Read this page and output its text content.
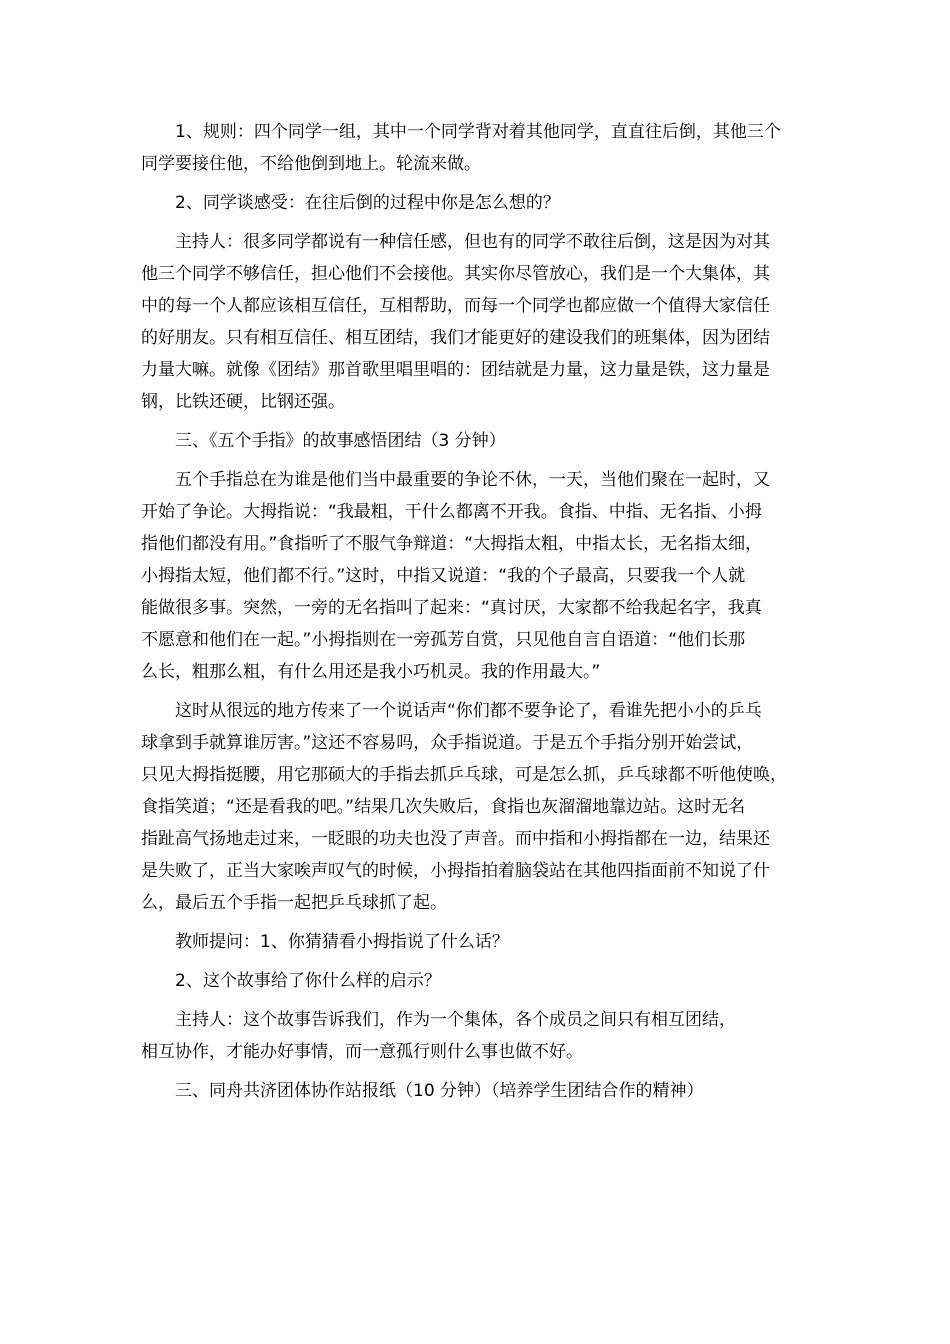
1、规则：四个同学一组，其中一个同学背对着其他同学，直直往后倒，其他三个
同学要接住他，不给他倒到地上。轮流来做。
2、同学谈感受：在往后倒的过程中你是怎么想的？
主持人：很多同学都说有一种信任感，但也有的同学不敢往后倒，这是因为对其
他三个同学不够信任，担心他们不会接他。其实你尽管放心，我们是一个大集体，其
中的每一个人都应该相互信任，互相帮助，而每一个同学也都应做一个值得大家信任
的好朋友。只有相互信任、相互团结，我们才能更好的建设我们的班集体，因为团结
力量大嘛。就像《团结》那首歌里唱里唱的：团结就是力量，这力量是铁，这力量是
钢，比铁还硬，比钢还强。
三、《五个手指》的故事感悟团结（3 分钟）
五个手指总在为谁是他们当中最重要的争论不休，一天，当他们聚在一起时，又
开始了争论。大拇指说：“我最粗，干什么都离不开我。食指、中指、无名指、小拇
指他们都没有用。”食指听了不服气争辩道：“大拇指太粗，中指太长，无名指太细，
小拇指太短，他们都不行。”这时，中指又说道：“我的个子最高，只要我一个人就
能做很多事。突然，一旁的无名指叫了起来：“真讨厌，大家都不给我起名字，我真
不愿意和他们在一起。”小拇指则在一旁孤芳自赏，只见他自言自语道：“他们长那
么长，粗那么粗，有什么用还是我小巧机灵。我的作用最大。”
这时从很远的地方传来了一个说话声“你们都不要争论了，看谁先把小小的乒乓
球拿到手就算谁厉害。”这还不容易吗，众手指说道。于是五个手指分别开始尝试，
只见大拇指挺腰，用它那硕大的手指去抓乒乓球，可是怎么抓，乒乓球都不听他使唤，
食指笑道；“还是看我的吧。”结果几次失败后，食指也灰溜溜地靠边站。这时无名
指趾高气扬地走过来，一眨眼的功夫也没了声音。而中指和小拇指都在一边，结果还
是失败了，正当大家唉声叹气的时候，小拇指拍着脑袋站在其他四指面前不知说了什
么，最后五个手指一起把乒乓球抓了起。
教师提问：1、你猜猜看小拇指说了什么话？
2、这个故事给了你什么样的启示？
主持人：这个故事告诉我们，作为一个集体，各个成员之间只有相互团结，
相互协作，才能办好事情，而一意孤行则什么事也做不好。
三、同舟共济团体协作站报纸（10 分钟）（培养学生团结合作的精神）
